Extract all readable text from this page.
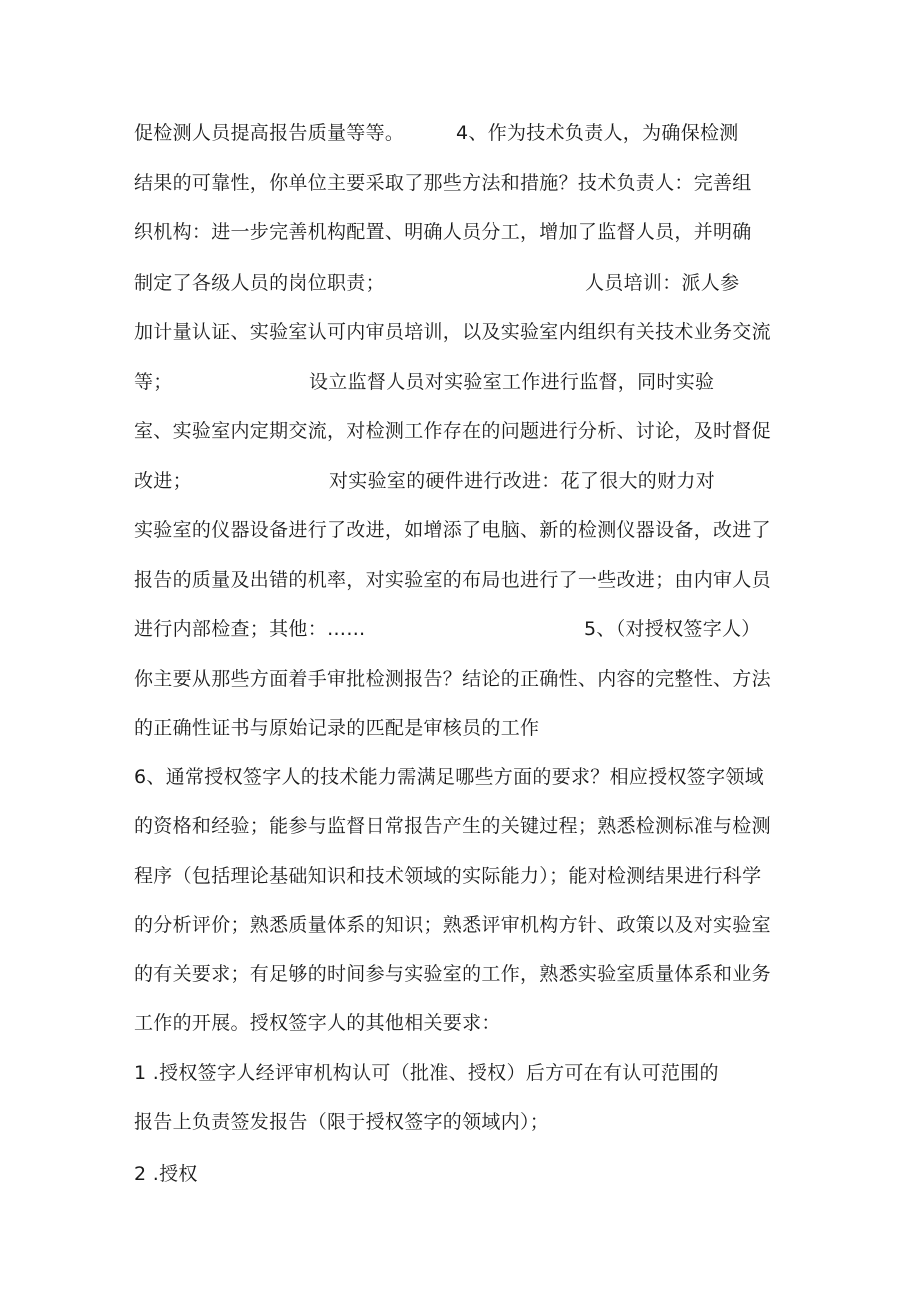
促检测人员提高报告质量等等。	4、作为技术负责人，为确保检测
结果的可靠性，你单位主要采取了那些方法和措施？技术负责人：完善组
织机构：进一步完善机构配置、明确人员分工，增加了监督人员，并明确
制定了各级人员的岗位职责；	人员培训：派人参
加计量认证、实验室认可内审员培训，以及实验室内组织有关技术业务交流
等；	设立监督人员对实验室工作进行监督，同时实验
室、实验室内定期交流，对检测工作存在的问题进行分析、讨论，及时督促
改进；	对实验室的硬件进行改进：花了很大的财力对
实验室的仪器设备进行了改进，如增添了电脑、新的检测仪器设备，改进了
报告的质量及出错的机率，对实验室的布局也进行了一些改进；由内审人员
进行内部检查；其他：……	5、（对授权签字人）
你主要从那些方面着手审批检测报告？结论的正确性、内容的完整性、方法
的正确性证书与原始记录的匹配是审核员的工作
6、通常授权签字人的技术能力需满足哪些方面的要求？相应授权签字领域
的资格和经验；能参与监督日常报告产生的关键过程；熟悉检测标准与检测
程序（包括理论基础知识和技术领域的实际能力）；能对检测结果进行科学
的分析评价；熟悉质量体系的知识；熟悉评审机构方针、政策以及对实验室
的有关要求；有足够的时间参与实验室的工作，熟悉实验室质量体系和业务
工作的开展。授权签字人的其他相关要求：
1 .授权签字人经评审机构认可（批准、授权）后方可在有认可范围的
报告上负责签发报告（限于授权签字的领域内）；
2 .授权
